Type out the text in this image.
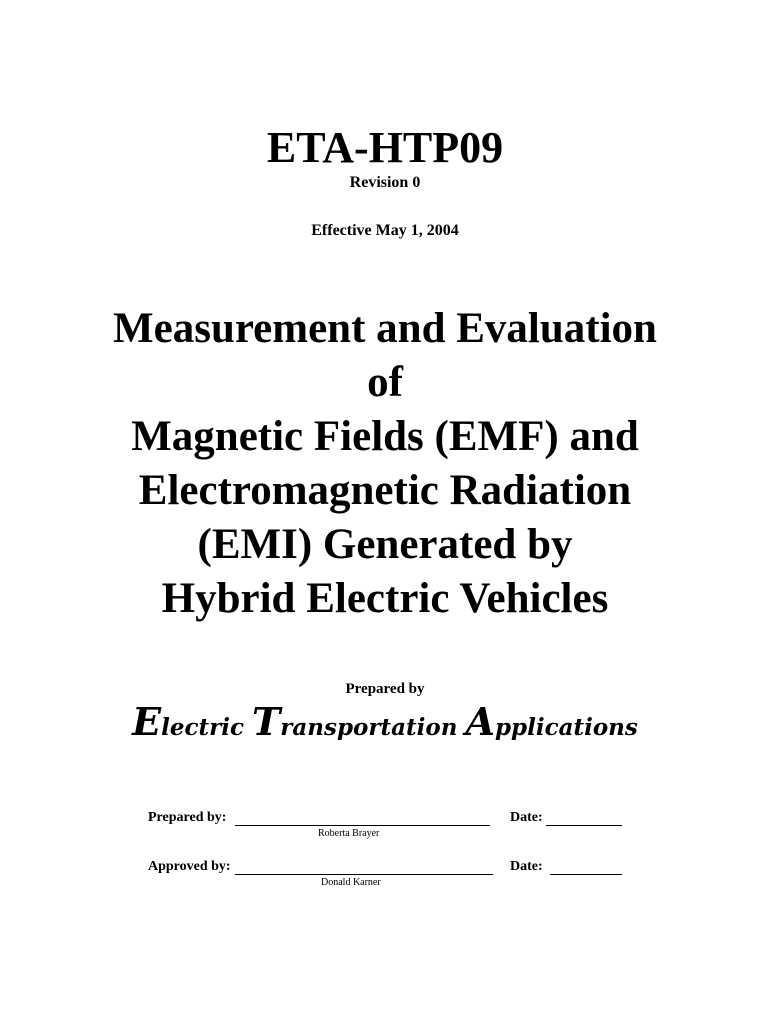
ETA-HTP09
Revision 0
Effective May 1, 2004
Measurement and Evaluation
of
Magnetic Fields (EMF) and
Electromagnetic Radiation
(EMI) Generated by
Hybrid Electric Vehicles
Prepared by
Electric Transportation Applications
Prepared by:
Roberta Brayer
Date:
Approved by:
Donald Karner
Date:
